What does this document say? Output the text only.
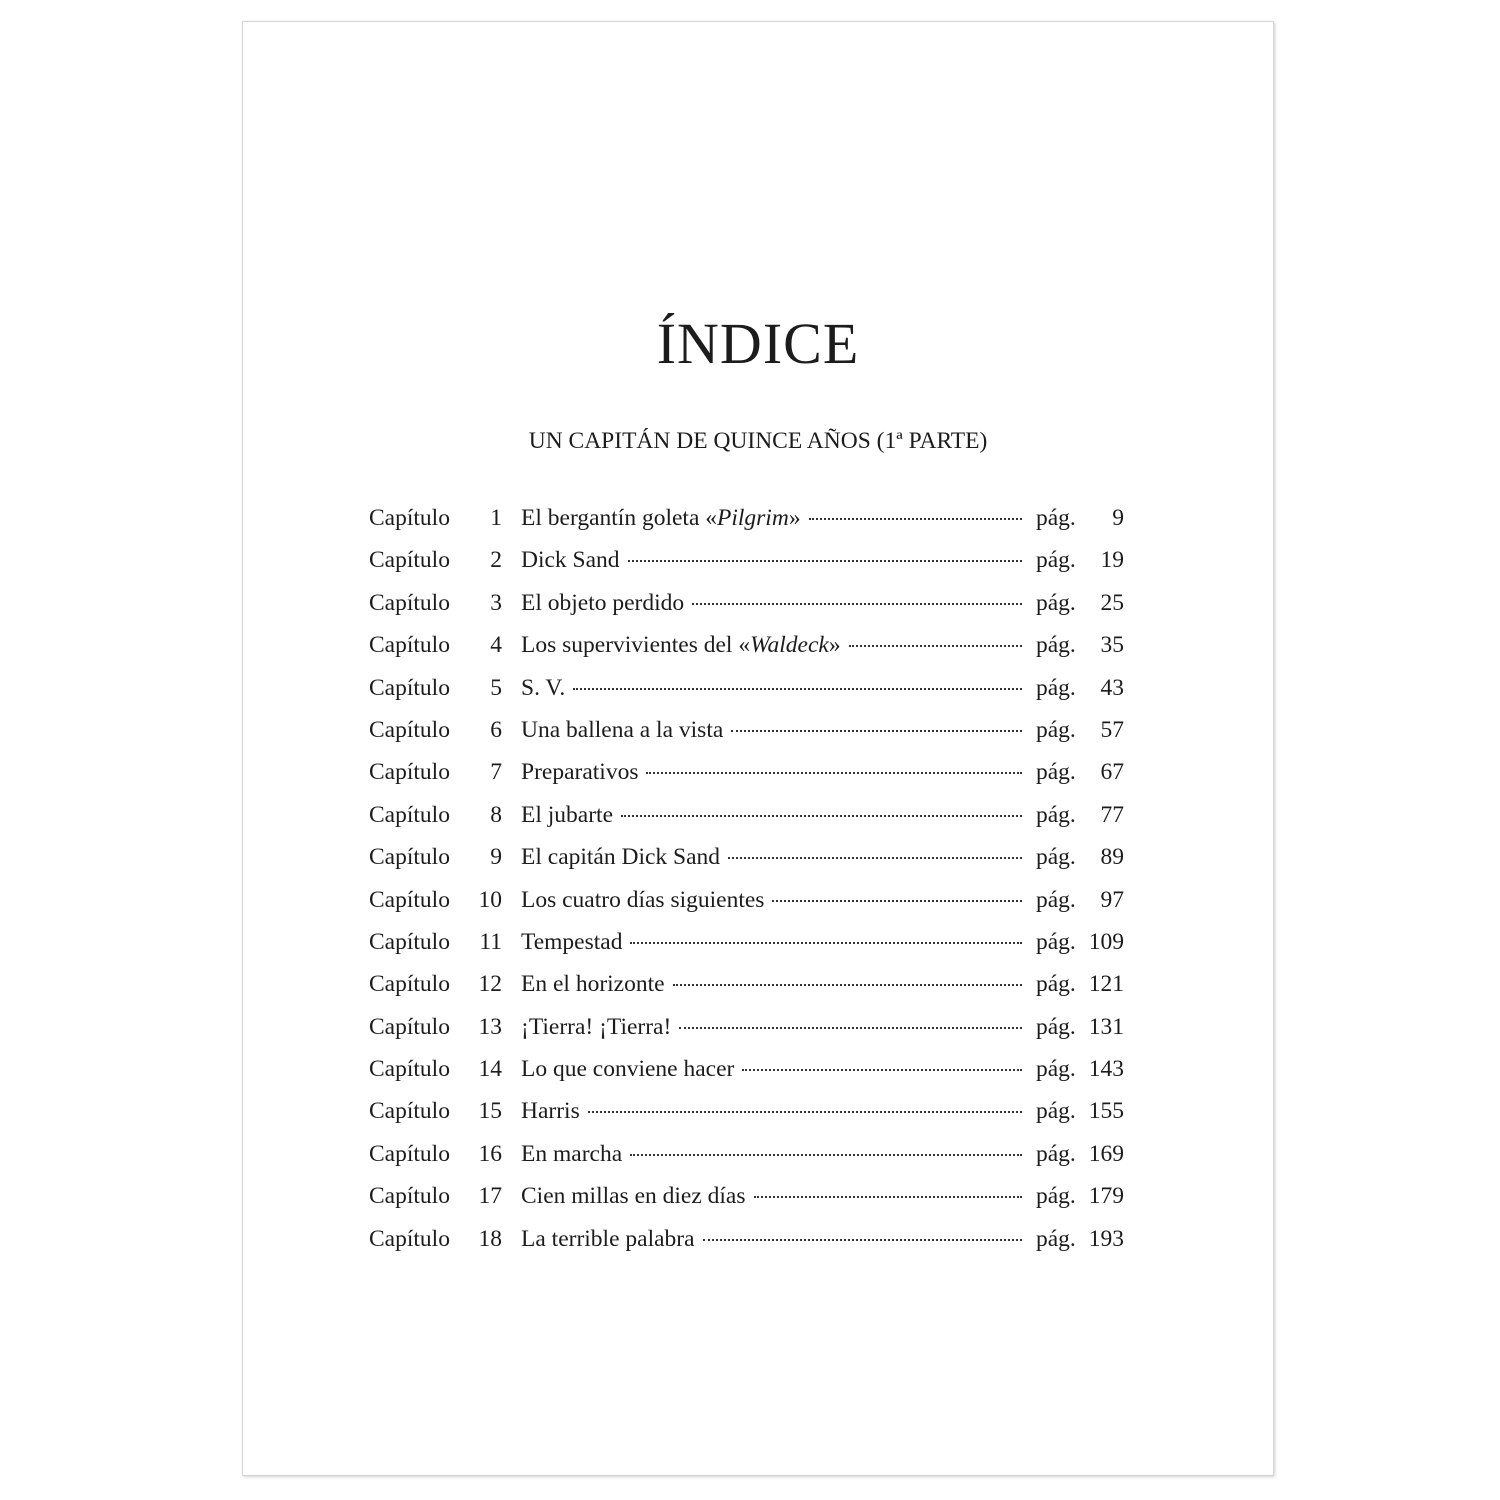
ÍNDICE
UN CAPITÁN DE QUINCE AÑOS (1ª PARTE)
Capítulo	1 El bergantín goleta «Pilgrim»	pág.	9
Capítulo	2 Dick Sand	pág.	19
Capítulo	3 El objeto perdido	pág.	25
Capítulo	4 Los supervivientes del «Waldeck»	pág.	35
Capítulo	5 S. V.	pág.	43
Capítulo	6 Una ballena a la vista	pág.	57
Capítulo	7 Preparativos	pág.	67
Capítulo	8 El jubarte	pág.	77
Capítulo	9 El capitán Dick Sand	pág.	89
Capítulo	10 Los cuatro días siguientes	pág.	97
Capítulo	11 Tempestad	pág. 109
Capítulo	12 En el horizonte	pág. 121
Capítulo	13 ¡Tierra! ¡Tierra!	pág. 131
Capítulo	14 Lo que conviene hacer	pág. 143
Capítulo	15 Harris	pág. 155
Capítulo	16 En marcha	pág. 169
Capítulo	17 Cien millas en diez días	pág. 179
Capítulo	18 La terrible palabra	pág. 193
